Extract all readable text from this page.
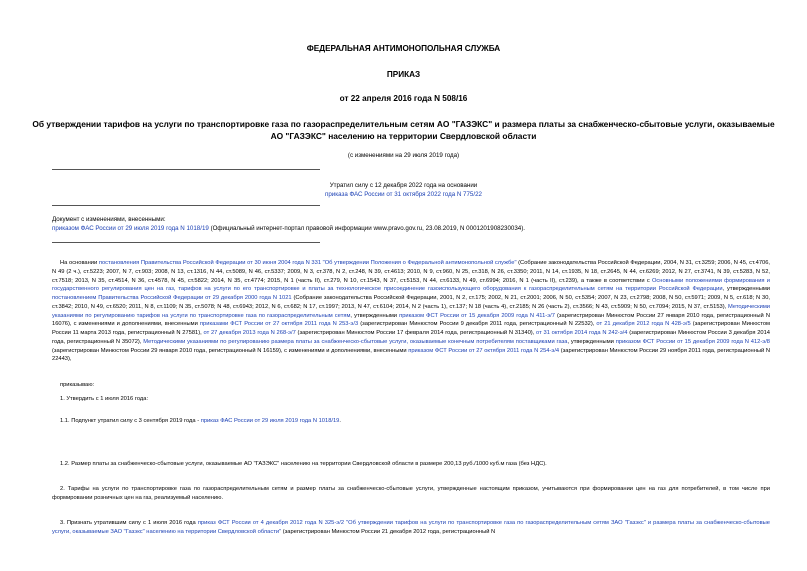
ФЕДЕРАЛЬНАЯ АНТИМОНОПОЛЬНАЯ СЛУЖБА
ПРИКАЗ
от 22 апреля 2016 года N 508/16
Об утверждении тарифов на услуги по транспортировке газа по газораспределительным сетям АО "ГАЗЭКС" и размера платы за снабженческо-сбытовые услуги, оказываемые АО "ГАЗЭКС" населению на территории Свердловской области
(с изменениями на 29 июля 2019 года)
Утратил силу с 12 декабря 2022 года на основании
приказа ФАС России от 31 октября 2022 года N 775/22
Документ с изменениями, внесенными:
приказом ФАС России от 29 июля 2019 года N 1018/19 (Официальный интернет-портал правовой информации www.pravo.gov.ru, 23.08.2019, N 0001201908230034).
На основании постановления Правительства Российской Федерации от 30 июня 2004 года N 331 "Об утверждении Положения о Федеральной антимонопольной службе" (Собрание законодательства Российской Федерации, 2004, N 31, ст.3259; 2006, N 45, ст.4706, N 49 (2 ч.), ст.5223; 2007, N 7, ст.903; 2008, N 13, ст.1316, N 44, ст.5089, N 46, ст.5337; 2009, N 3, ст.378, N 2, ст.248, N 39, ст.4613; 2010, N 9, ст.960, N 25, ст.318, N 26, ст.3350; 2011, N 14, ст.1935, N 18, ст.2645, N 44, ст.6269; 2012, N 27, ст.3741, N 39, ст.5283, N 52, ст.7518; 2013, N 35, ст.4514, N 36, ст.4578, N 45, ст.5822; 2014, N 35, ст.4774; 2015, N 1 (часть II), ст.279, N 10, ст.1543, N 37, ст.5153, N 44, ст.6133, N 49, ст.6994; 2016, N 1 (часть II), ст.239), а также в соответствии с Основными положениями формирования и государственного регулирования цен на газ, тарифов на услуги по его транспортировке и платы за технологическое присоединение газоиспользующего оборудования к газораспределительным сетям на территории Российской Федерации, утвержденными постановлением Правительства Российской Федерации от 29 декабря 2000 года N 1021 (Собрание законодательства Российской Федерации, 2001, N 2, ст.175; 2002, N 21, ст.2001; 2006, N 50, ст.5354; 2007, N 23, ст.2798; 2008, N 50, ст.5971; 2009, N 5, ст.618; N 30, ст.3842; 2010, N 49, ст.6520; 2011, N 8, ст.1109; N 35, ст.5078; N 48, ст.6943; 2012, N 6, ст.682; N 17, ст.1997; 2013, N 47, ст.6104; 2014, N 2 (часть 1), ст.137; N 18 (часть 4), ст.2185; N 26 (часть 2), ст.3566; N 43, ст.5909; N 50, ст.7094; 2015, N 37, ст.5153), Методическими указаниями по регулированию тарифов на услуги по транспортировке газа по газораспределительным сетям, утвержденными приказом ФСТ России от 15 декабря 2009 года N 411-э/7 (зарегистрирован Минюстом России 27 января 2010 года, регистрационный N 16076), с изменениями и дополнениями, внесенными приказами ФСТ России от 27 октября 2011 года N 253-э/3 (зарегистрирован Минюстом России 9 декабря 2011 года, регистрационный N 22532), от 21 декабря 2012 года N 428-э/5 (зарегистрирован Минюстом России 11 марта 2013 года, регистрационный N 27581), от 27 декабря 2013 года N 268-э/7 (зарегистрирован Минюстом России 17 февраля 2014 года, регистрационный N 31340), от 31 октября 2014 года N 242-э/4 (зарегистрирован Минюстом России 3 декабря 2014 года, регистрационный N 35072), Методическими указаниями по регулированию размера платы за снабженческо-сбытовые услуги, оказываемые конечным потребителям поставщиками газа, утвержденными приказом ФСТ России от 15 декабря 2009 года N 412-э/8 (зарегистрирован Минюстом России 29 января 2010 года, регистрационный N 16159), с изменениями и дополнениями, внесенными приказом ФСТ России от 27 октября 2011 года N 254-э/4 (зарегистрирован Минюстом России 29 ноября 2011 года, регистрационный N 22443),
приказываю:
1. Утвердить с 1 июля 2016 года:
1.1. Подпункт утратил силу с 3 сентября 2019 года - приказ ФАС России от 29 июля 2019 года N 1018/19.
1.2. Размер платы за снабженческо-сбытовые услуги, оказываемые АО "ГАЗЭКС" населению на территории Свердловской области в размере 200,13 руб./1000 куб.м газа (без НДС).
2. Тарифы на услуги по транспортировке газа по газораспределительным сетям и размер платы за снабженческо-сбытовые услуги, утвержденные настоящим приказом, учитываются при формировании цен на газ для потребителей, в том числе при формировании розничных цен на газ, реализуемый населению.
3. Признать утратившим силу с 1 июля 2016 года приказ ФСТ России от 4 декабря 2012 года N 325-э/2 "Об утверждении тарифов на услуги по транспортировке газа по газораспределительным сетям ЗАО "Газэкс" и размера платы за снабженческо-сбытовые услуги, оказываемые ЗАО "Газэкс" населению на территории Свердловской области" (зарегистрирован Минюстом России 21 декабря 2012 года, регистрационный N
